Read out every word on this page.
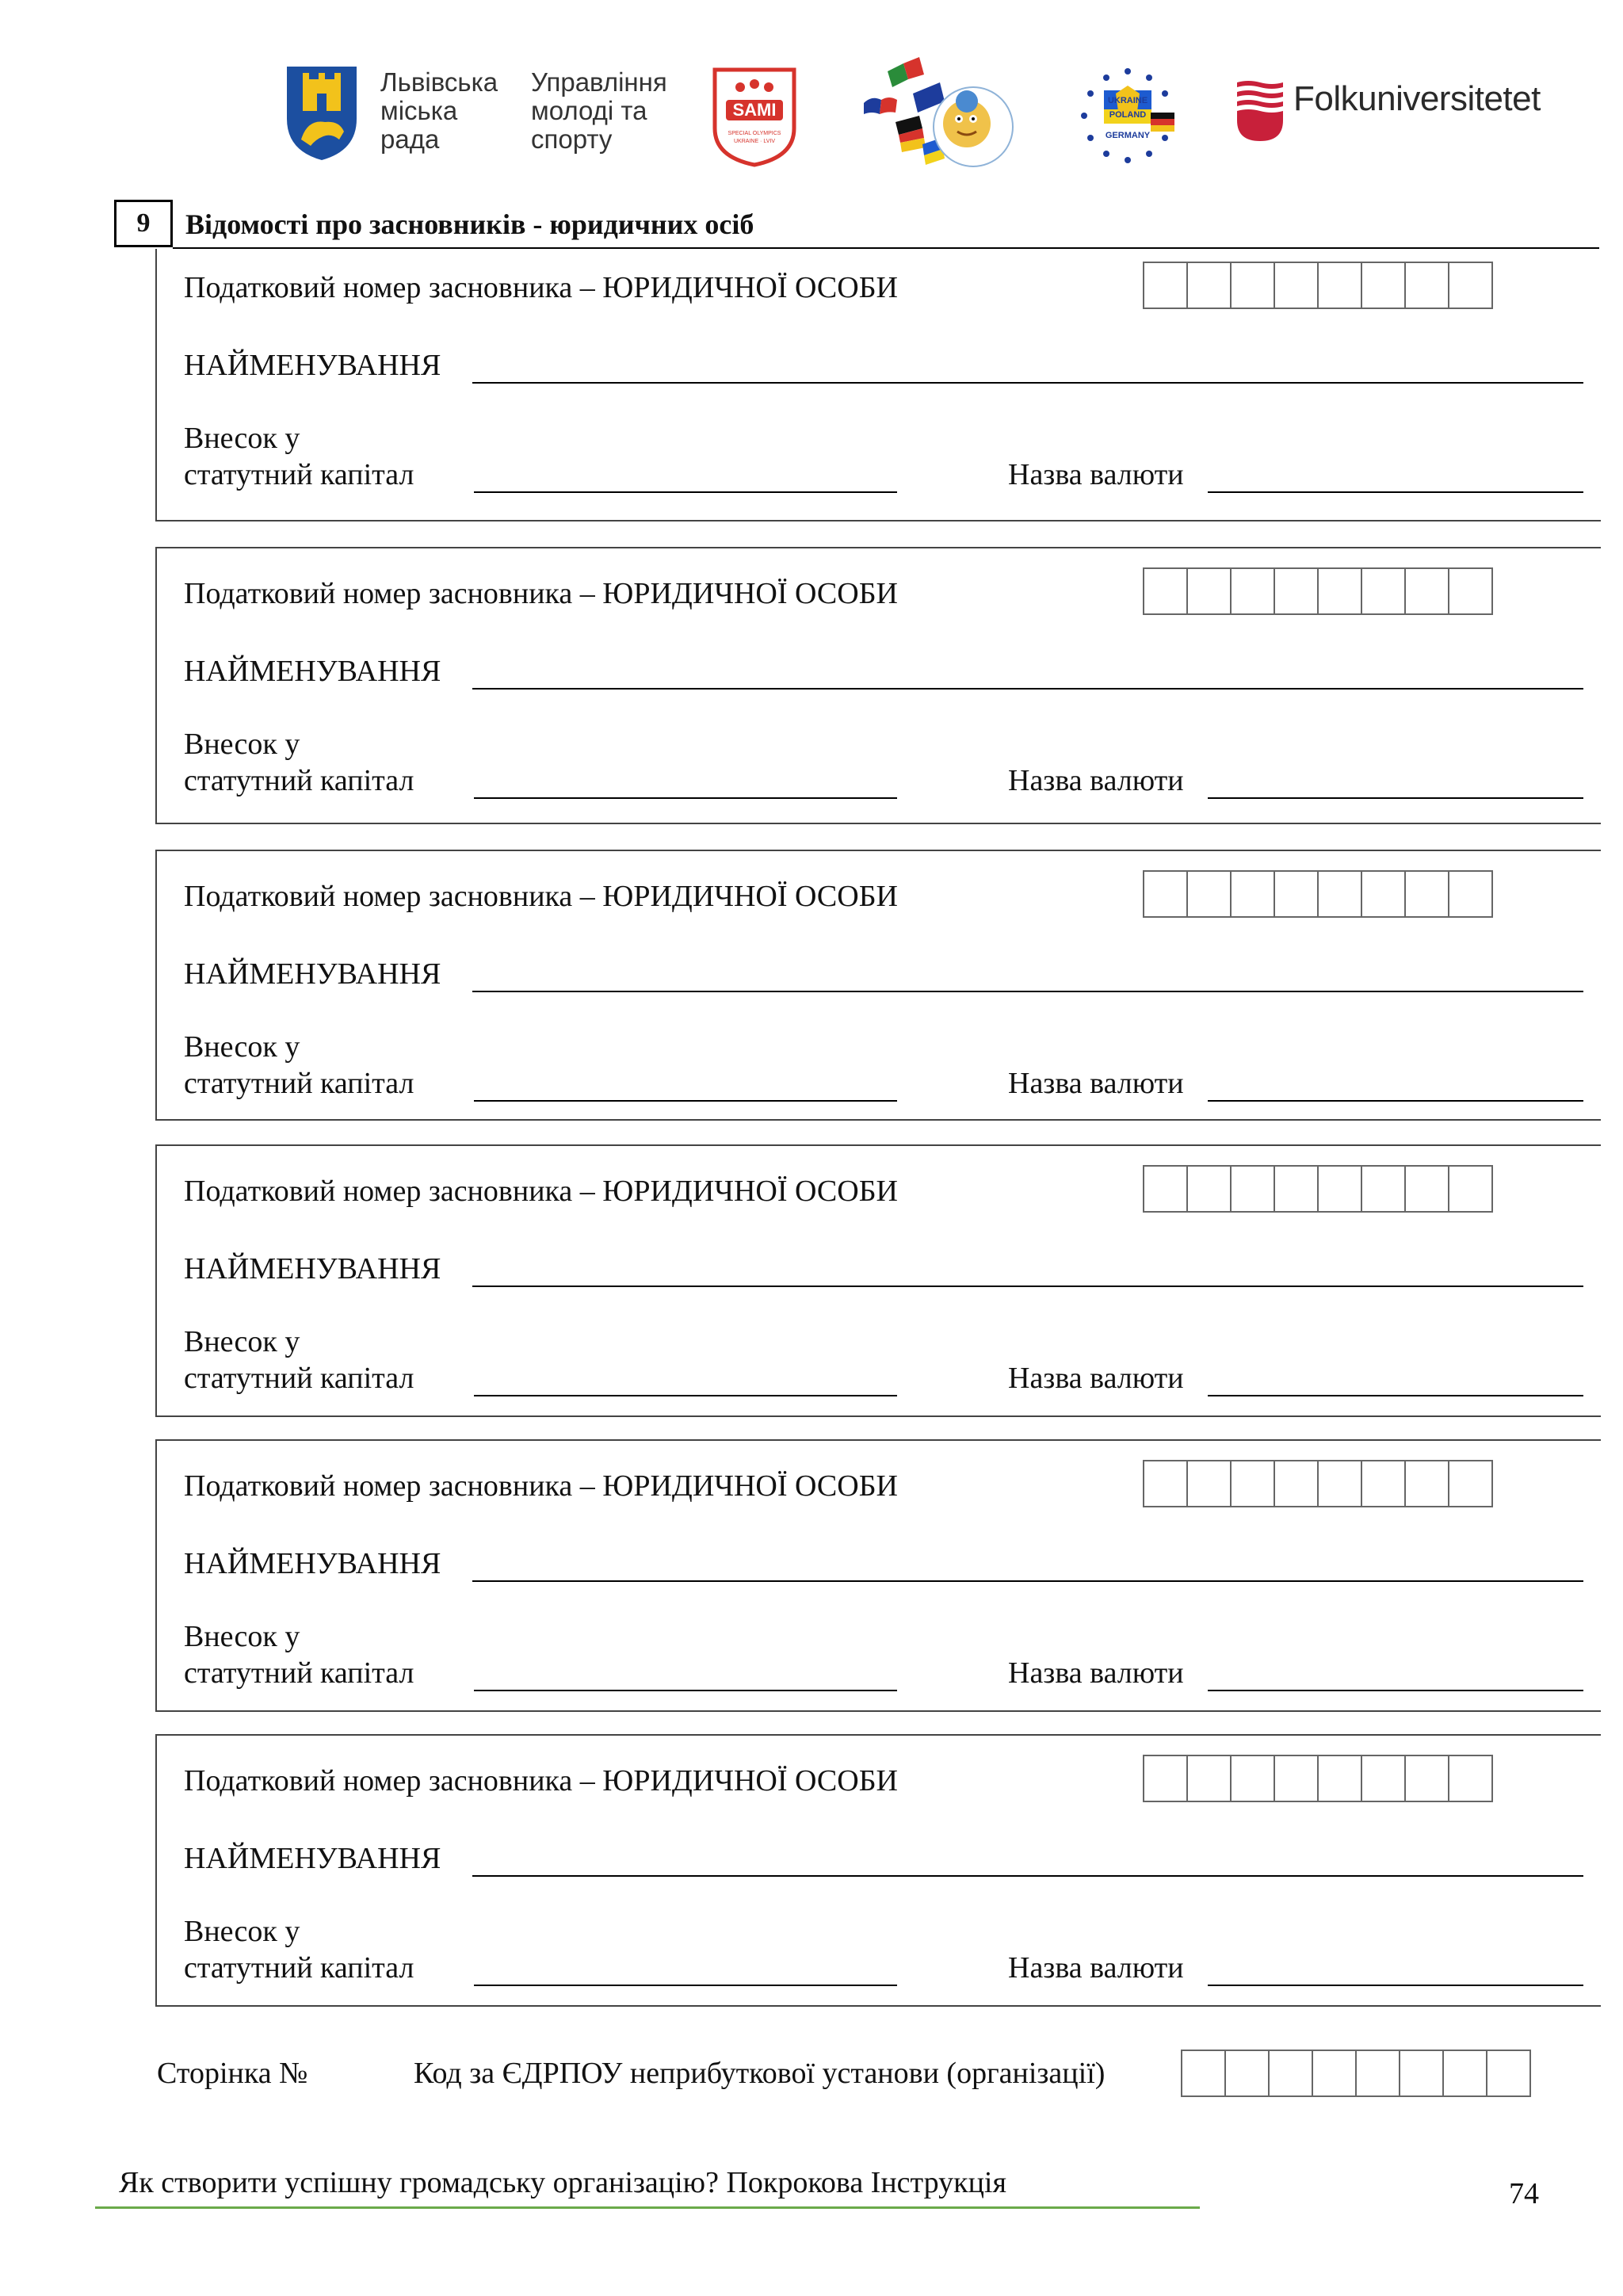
Львівська
міська
рада
Управління
молоді та
спорту
SAMI
SPECIAL OLYMPICS
UKRAINE · LVIV
UKRAINE
POLAND
GERMANY
Folkuniversitetet
9	Відомості про засновників - юридичних осіб
Податковий номер засновника – ЮРИДИЧНОЇ ОСОБИ
НАЙМЕНУВАННЯ
Внесок у
статутний капітал	Назва валюти
Податковий номер засновника – ЮРИДИЧНОЇ ОСОБИ
НАЙМЕНУВАННЯ
Внесок у
статутний капітал	Назва валюти
Податковий номер засновника – ЮРИДИЧНОЇ ОСОБИ
НАЙМЕНУВАННЯ
Внесок у
статутний капітал	Назва валюти
Податковий номер засновника – ЮРИДИЧНОЇ ОСОБИ
НАЙМЕНУВАННЯ
Внесок у
статутний капітал	Назва валюти
Податковий номер засновника – ЮРИДИЧНОЇ ОСОБИ
НАЙМЕНУВАННЯ
Внесок у
статутний капітал	Назва валюти
Податковий номер засновника – ЮРИДИЧНОЇ ОСОБИ
НАЙМЕНУВАННЯ
Внесок у
статутний капітал	Назва валюти
Сторінка №	Код за ЄДРПОУ неприбуткової установи (організації)
Як створити успішну громадську організацію? Покрокова Інструкція	74
